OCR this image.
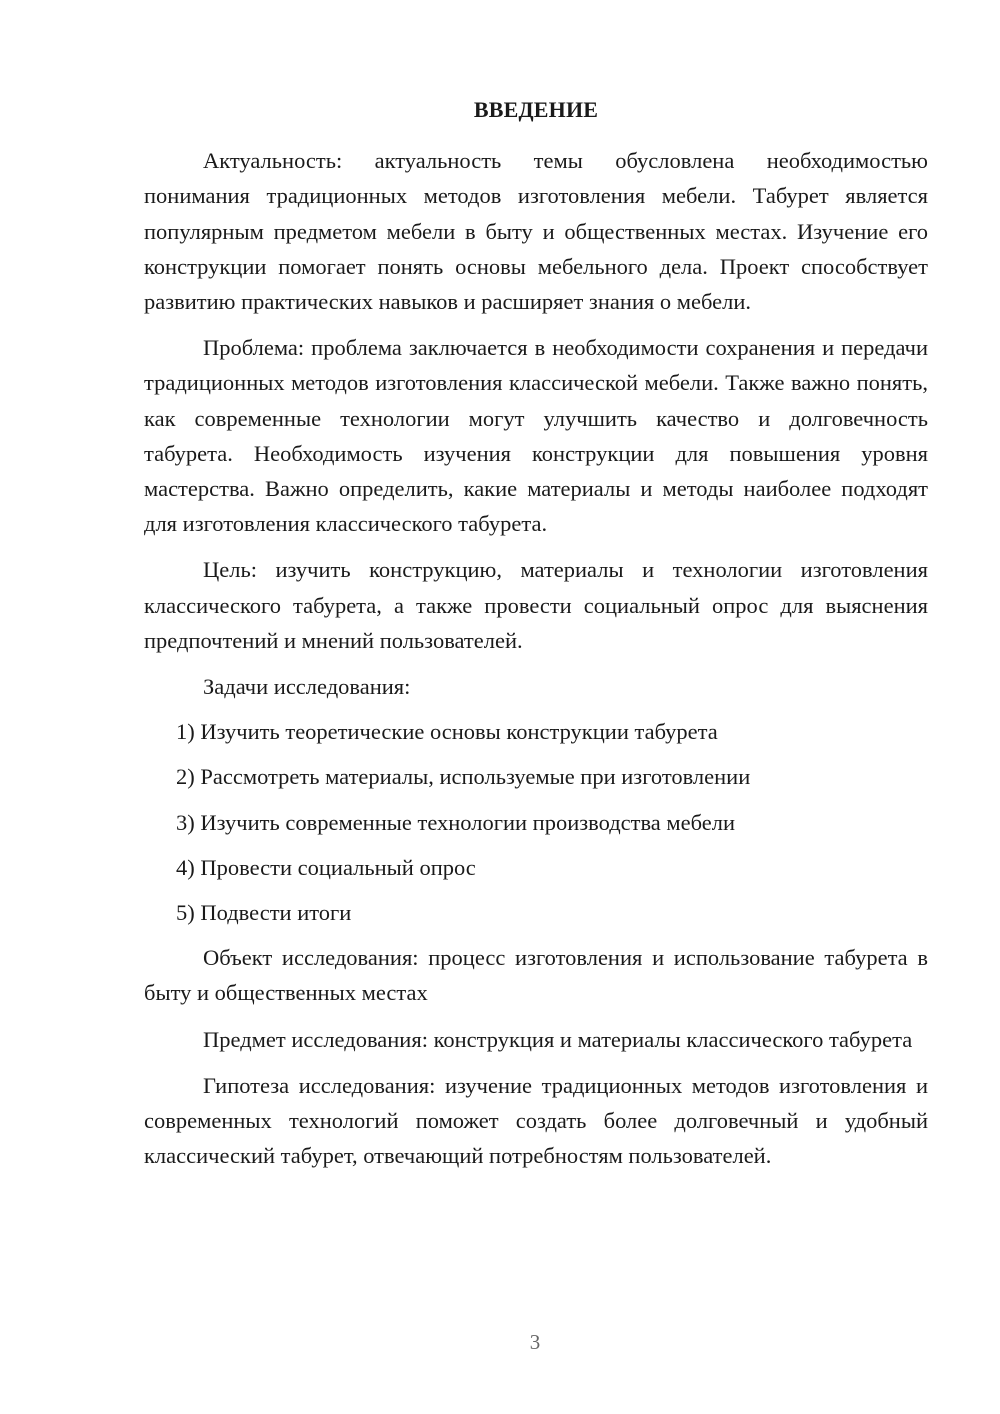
ВВЕДЕНИЕ

Актуальность: актуальность темы обусловлена необходимостью понимания традиционных методов изготовления мебели. Табурет является популярным предметом мебели в быту и общественных местах. Изучение его конструкции помогает понять основы мебельного дела. Проект способствует развитию практических навыков и расширяет знания о мебели.

Проблема: проблема заключается в необходимости сохранения и передачи традиционных методов изготовления классической мебели. Также важно понять, как современные технологии могут улучшить качество и долговечность табурета. Необходимость изучения конструкции для повышения уровня мастерства. Важно определить, какие материалы и методы наиболее подходят для изготовления классического табурета.

Цель: изучить конструкцию, материалы и технологии изготовления классического табурета, а также провести социальный опрос для выяснения предпочтений и мнений пользователей.

Задачи исследования:
1) Изучить теоретические основы конструкции табурета
2) Рассмотреть материалы, используемые при изготовлении
3) Изучить современные технологии производства мебели
4) Провести социальный опрос
5) Подвести итоги

Объект исследования: процесс изготовления и использование табурета в быту и общественных местах

Предмет исследования: конструкция и материалы классического табурета

Гипотеза исследования: изучение традиционных методов изготовления и современных технологий поможет создать более долговечный и удобный классический табурет, отвечающий потребностям пользователей.

3
